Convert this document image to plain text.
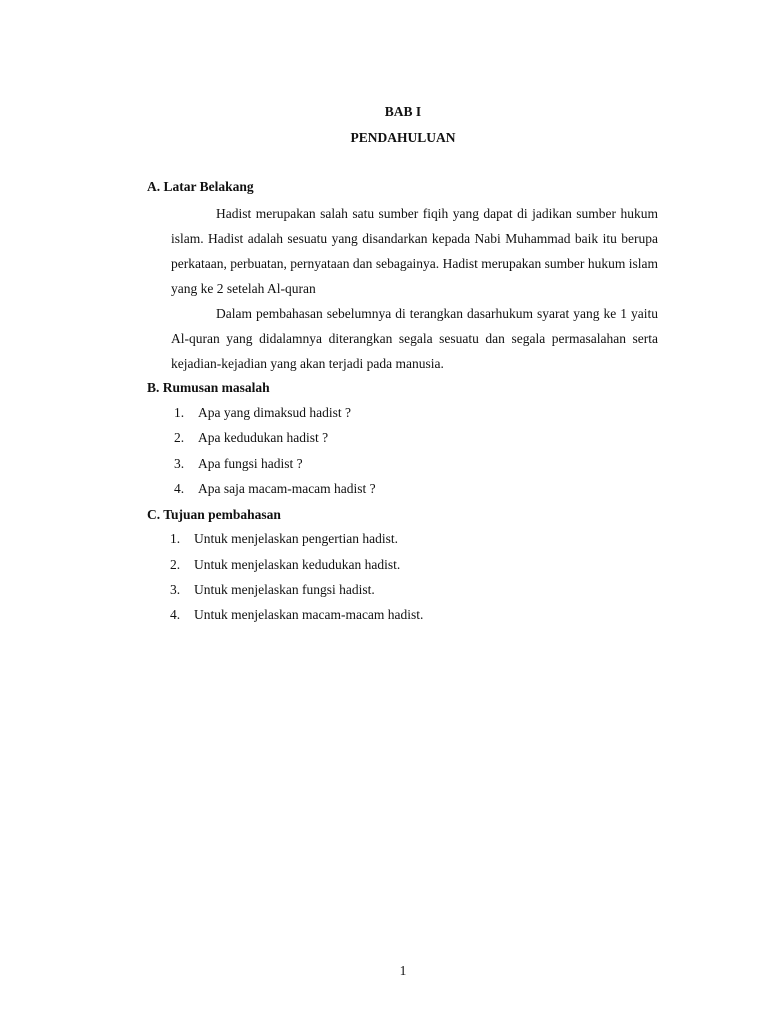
BAB I
PENDAHULUAN
A. Latar Belakang

Hadist merupakan salah satu sumber fiqih yang dapat di jadikan sumber hukum islam. Hadist adalah sesuatu yang disandarkan kepada Nabi Muhammad baik itu berupa perkataan, perbuatan, pernyataan dan sebagainya. Hadist merupakan sumber hukum islam yang ke 2 setelah Al-quran

Dalam pembahasan sebelumnya di terangkan dasarhukum syarat yang ke 1 yaitu Al-quran yang didalamnya diterangkan segala sesuatu dan segala permasalahan serta kejadian-kejadian yang akan terjadi pada manusia.

B. Rumusan masalah
1. Apa yang dimaksud hadist ?
2. Apa kedudukan hadist ?
3. Apa fungsi hadist ?
4. Apa saja macam-macam hadist ?
C. Tujuan pembahasan
1. Untuk menjelaskan pengertian hadist.
2. Untuk menjelaskan kedudukan hadist.
3. Untuk menjelaskan fungsi hadist.
4. Untuk menjelaskan macam-macam hadist.
1
